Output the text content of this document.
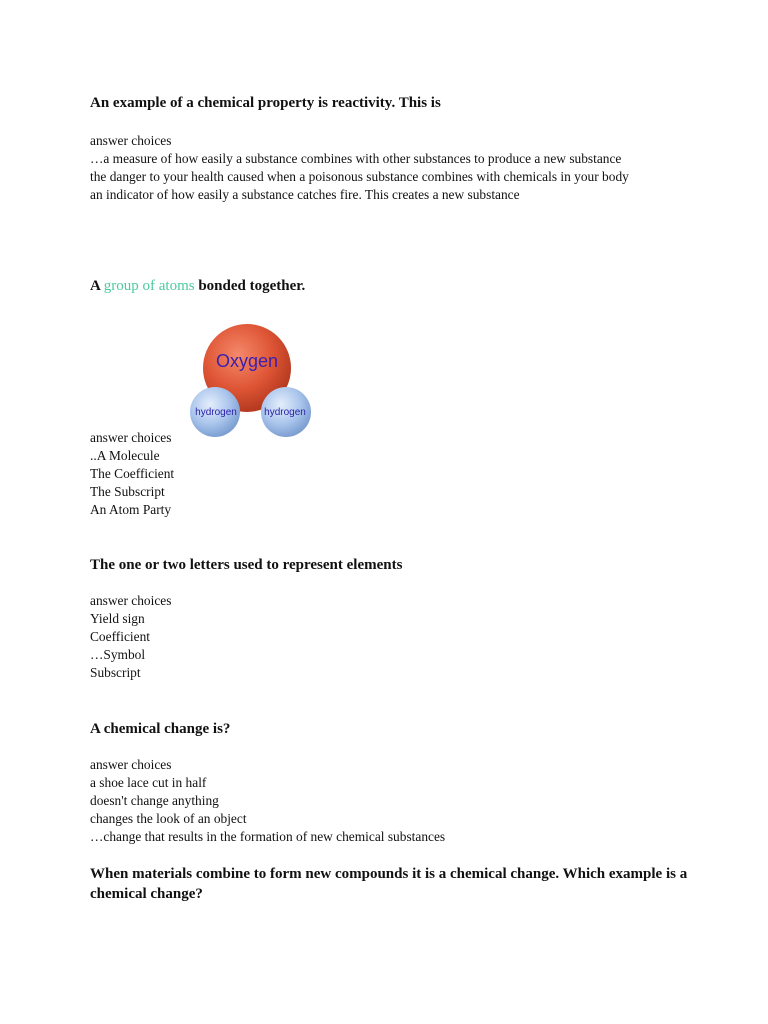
An example of a chemical property is reactivity. This is

answer choices
…a measure of how easily a substance combines with other substances to produce a new substance
the danger to your health caused when a poisonous substance combines with chemicals in your body
an indicator of how easily a substance catches fire. This creates a new substance

A group of atoms bonded together.

Oxygen
hydrogen	hydrogen
answer choices
..A Molecule
The Coefficient
The Subscript
An Atom Party

The one or two letters used to represent elements

answer choices
Yield sign
Coefficient
…Symbol
Subscript

A chemical change is?

answer choices
a shoe lace cut in half
doesn't change anything
changes the look of an object
…change that results in the formation of new chemical substances

When materials combine to form new compounds it is a chemical change. Which example is a chemical change?
